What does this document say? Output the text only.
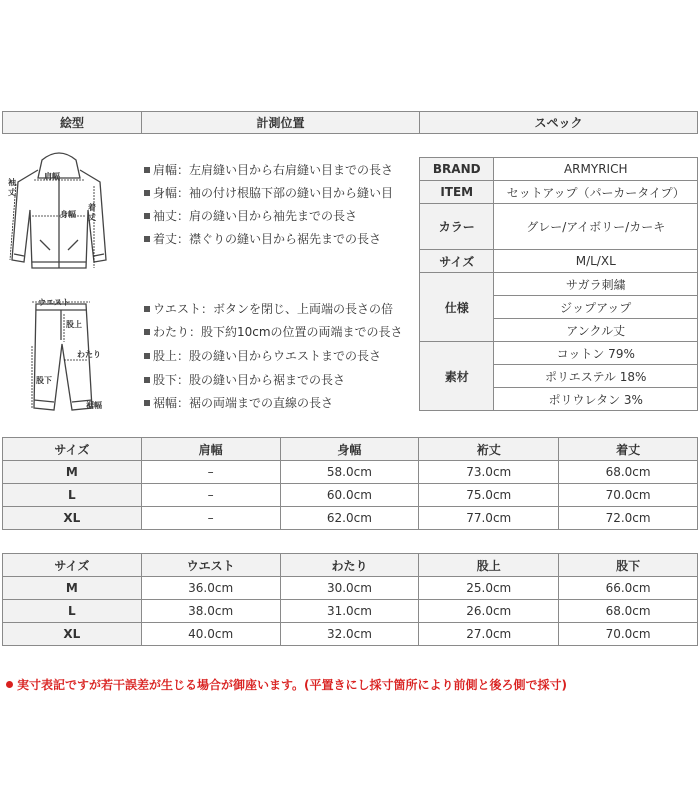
絵型	計測位置	スペック
肩幅
身幅
袖丈
着丈
ウエスト
股上
わたり
股下
裾幅
肩幅：左肩縫い目から右肩縫い目までの長さ
身幅：袖の付け根脇下部の縫い目から縫い目
袖丈：肩の縫い目から袖先までの長さ
着丈：襟ぐりの縫い目から裾先までの長さ
ウエスト：ボタンを閉じ、上両端の長さの倍
わたり：股下約10cmの位置の両端までの長さ
股上：股の縫い目からウエストまでの長さ
股下：股の縫い目から裾までの長さ
裾幅：裾の両端までの直線の長さ
BRAND	ARMYRICH
ITEM	セットアップ（パーカータイプ）
カラー	グレー/アイボリー/カーキ
サイズ	M/L/XL
仕様	サガラ刺繍
	ジップアップ
	アンクル丈
素材	コットン 79%
	ポリエステル 18%
	ポリウレタン 3%
サイズ	肩幅	身幅	裄丈	着丈
M	–	58.0cm	73.0cm	68.0cm
L	–	60.0cm	75.0cm	70.0cm
XL	–	62.0cm	77.0cm	72.0cm
サイズ	ウエスト	わたり	股上	股下
M	36.0cm	30.0cm	25.0cm	66.0cm
L	38.0cm	31.0cm	26.0cm	68.0cm
XL	40.0cm	32.0cm	27.0cm	70.0cm
実寸表記ですが若干誤差が生じる場合が御座います。(平置きにし採寸箇所により前側と後ろ側で採寸)
